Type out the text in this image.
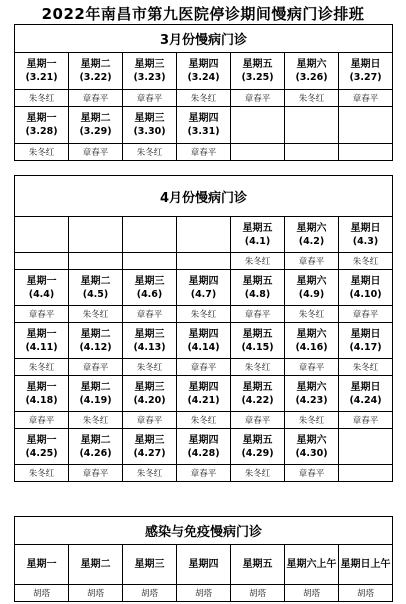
2022年南昌市第九医院停诊期间慢病门诊排班
3月份慢病门诊						

星期一
(3.21)	星期二
(3.22)	星期三
(3.23)	星期四
(3.24)	星期五
(3.25)	星期六
(3.26)	星期日
(3.27)

朱冬红	章春平	章春平	朱冬红	章春平	朱冬红	章春平

星期一
(3.28)	星期二
(3.29)	星期三
(3.30)	星期四
(3.31)			

朱冬红	章春平	朱冬红	章春平			
4月份慢病门诊						

				星期五
(4.1)	星期六
(4.2)	星期日
(4.3)

				朱冬红	章春平	朱冬红

星期一
(4.4)	星期二
(4.5)	星期三
(4.6)	星期四
(4.7)	星期五
(4.8)	星期六
(4.9)	星期日
(4.10)

章春平	朱冬红	章春平	朱冬红	章春平	朱冬红	章春平

星期一
(4.11)	星期二
(4.12)	星期三
(4.13)	星期四
(4.14)	星期五
(4.15)	星期六
(4.16)	星期日
(4.17)

朱冬红	章春平	朱冬红	章春平	朱冬红	章春平	朱冬红

星期一
(4.18)	星期二
(4.19)	星期三
(4.20)	星期四
(4.21)	星期五
(4.22)	星期六
(4.23)	星期日
(4.24)

章春平	朱冬红	章春平	朱冬红	章春平	朱冬红	章春平

星期一
(4.25)	星期二
(4.26)	星期三
(4.27)	星期四
(4.28)	星期五
(4.29)	星期六
(4.30)	

朱冬红	章春平	朱冬红	章春平	朱冬红	章春平	
感染与免疫慢病门诊						
星期一	星期二	星期三	星期四	星期五	星期六上午	星期日上午
胡塔	胡塔	胡塔	胡塔	胡塔	胡塔	胡塔
